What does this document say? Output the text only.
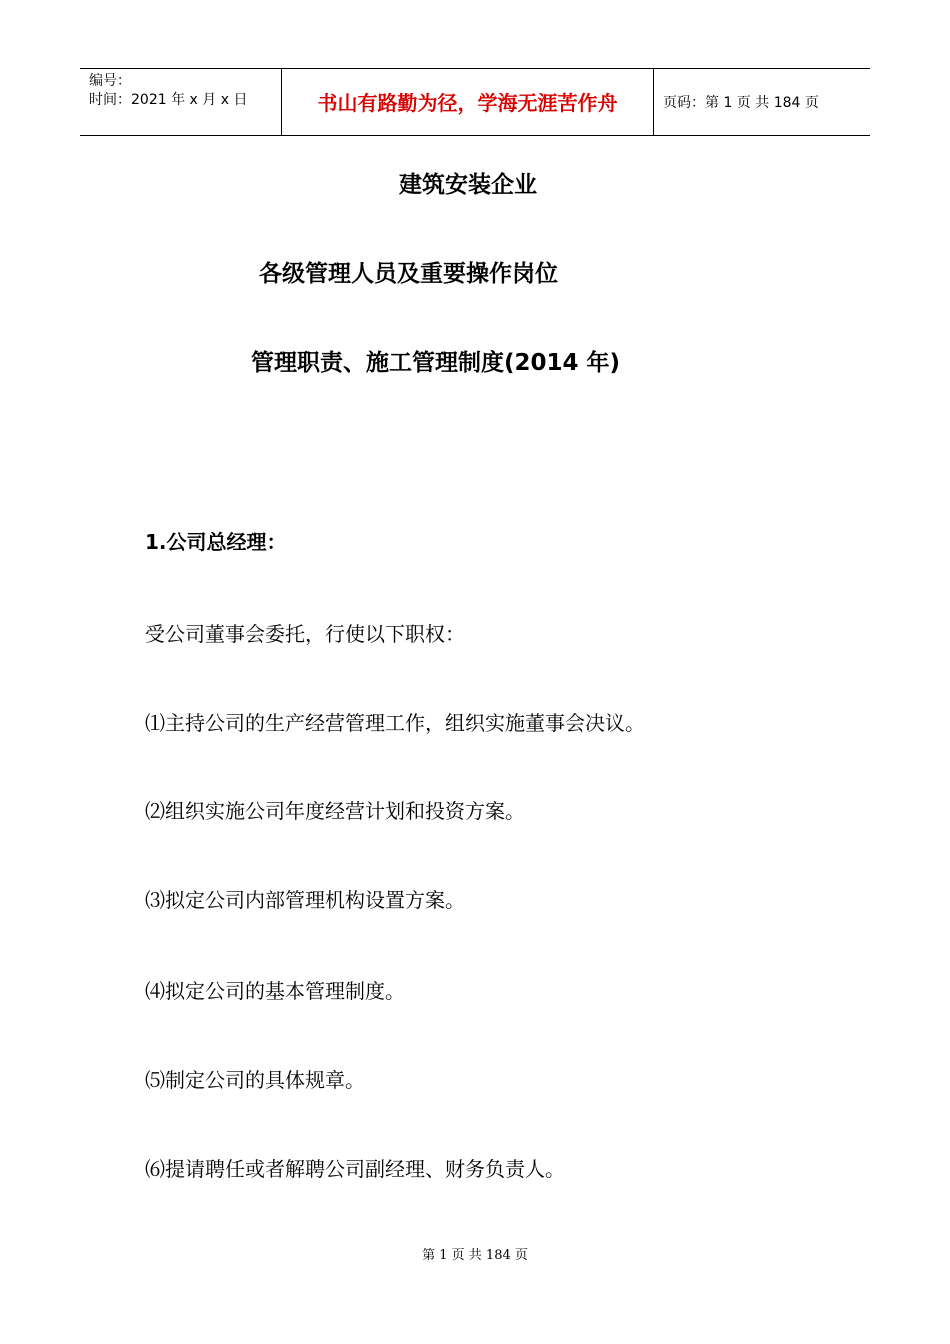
编号：
时间：2021 年 x 月 x 日	书山有路勤为径，学海无涯苦作舟	页码：第 1 页 共 184 页
建筑安装企业
各级管理人员及重要操作岗位
管理职责、施工管理制度(2014 年)
1.公司总经理：
受公司董事会委托，行使以下职权：
⑴主持公司的生产经营管理工作，组织实施董事会决议。
⑵组织实施公司年度经营计划和投资方案。
⑶拟定公司内部管理机构设置方案。
⑷拟定公司的基本管理制度。
⑸制定公司的具体规章。
⑹提请聘任或者解聘公司副经理、财务负责人。
第 1 页 共 184 页
